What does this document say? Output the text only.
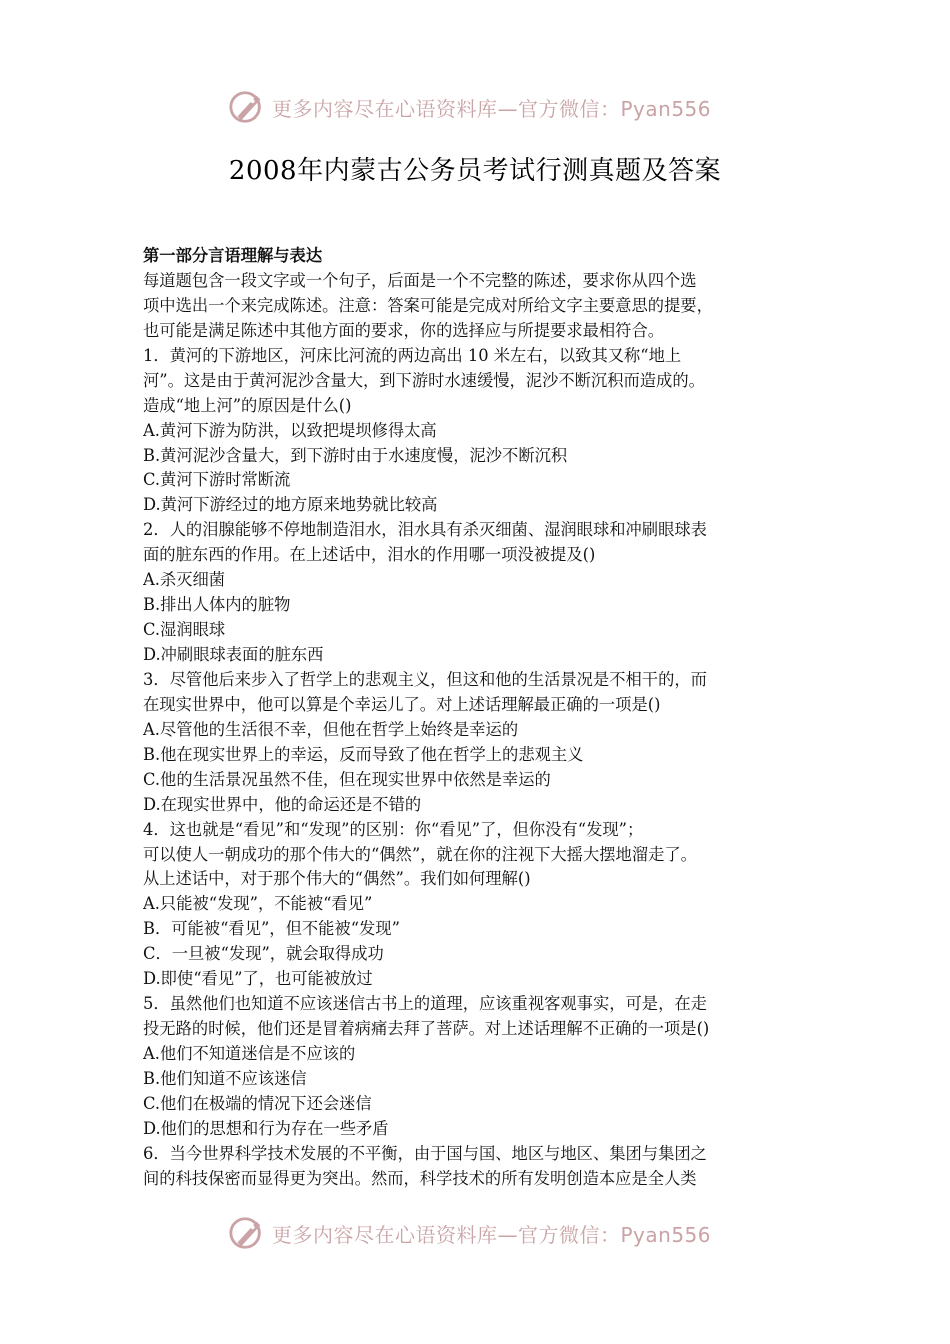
更多内容尽在心语资料库—官方微信：Pyan556
2008年内蒙古公务员考试行测真题及答案
第一部分言语理解与表达
每道题包含一段文字或一个句子，后面是一个不完整的陈述，要求你从四个选
项中选出一个来完成陈述。注意：答案可能是完成对所给文字主要意思的提要，
也可能是满足陈述中其他方面的要求，你的选择应与所提要求最相符合。
1．黄河的下游地区，河床比河流的两边高出 10 米左右，以致其又称“地上
河”。这是由于黄河泥沙含量大，到下游时水速缓慢，泥沙不断沉积而造成的。
造成“地上河”的原因是什么()
A.黄河下游为防洪，以致把堤坝修得太高
B.黄河泥沙含量大，到下游时由于水速度慢，泥沙不断沉积
C.黄河下游时常断流
D.黄河下游经过的地方原来地势就比较高
2．人的泪腺能够不停地制造泪水，泪水具有杀灭细菌、湿润眼球和冲刷眼球表
面的脏东西的作用。在上述话中，泪水的作用哪一项没被提及()
A.杀灭细菌
B.排出人体内的脏物
C.湿润眼球
D.冲刷眼球表面的脏东西
3．尽管他后来步入了哲学上的悲观主义，但这和他的生活景况是不相干的，而
在现实世界中，他可以算是个幸运儿了。对上述话理解最正确的一项是()
A.尽管他的生活很不幸，但他在哲学上始终是幸运的
B.他在现实世界上的幸运，反而导致了他在哲学上的悲观主义
C.他的生活景况虽然不佳，但在现实世界中依然是幸运的
D.在现实世界中，他的命运还是不错的
4．这也就是“看见”和“发现”的区别：你“看见”了，但你没有“发现”；
可以使人一朝成功的那个伟大的“偶然”，就在你的注视下大摇大摆地溜走了。
从上述话中，对于那个伟大的“偶然”。我们如何理解()
A.只能被“发现”，不能被“看见”
B．可能被“看见”，但不能被“发现”
C．一旦被“发现”，就会取得成功
D.即使“看见”了，也可能被放过
5．虽然他们也知道不应该迷信古书上的道理，应该重视客观事实，可是，在走
投无路的时候，他们还是冒着病痛去拜了菩萨。对上述话理解不正确的一项是()
A.他们不知道迷信是不应该的
B.他们知道不应该迷信
C.他们在极端的情况下还会迷信
D.他们的思想和行为存在一些矛盾
6．当今世界科学技术发展的不平衡，由于国与国、地区与地区、集团与集团之
间的科技保密而显得更为突出。然而，科学技术的所有发明创造本应是全人类
更多内容尽在心语资料库—官方微信：Pyan556
